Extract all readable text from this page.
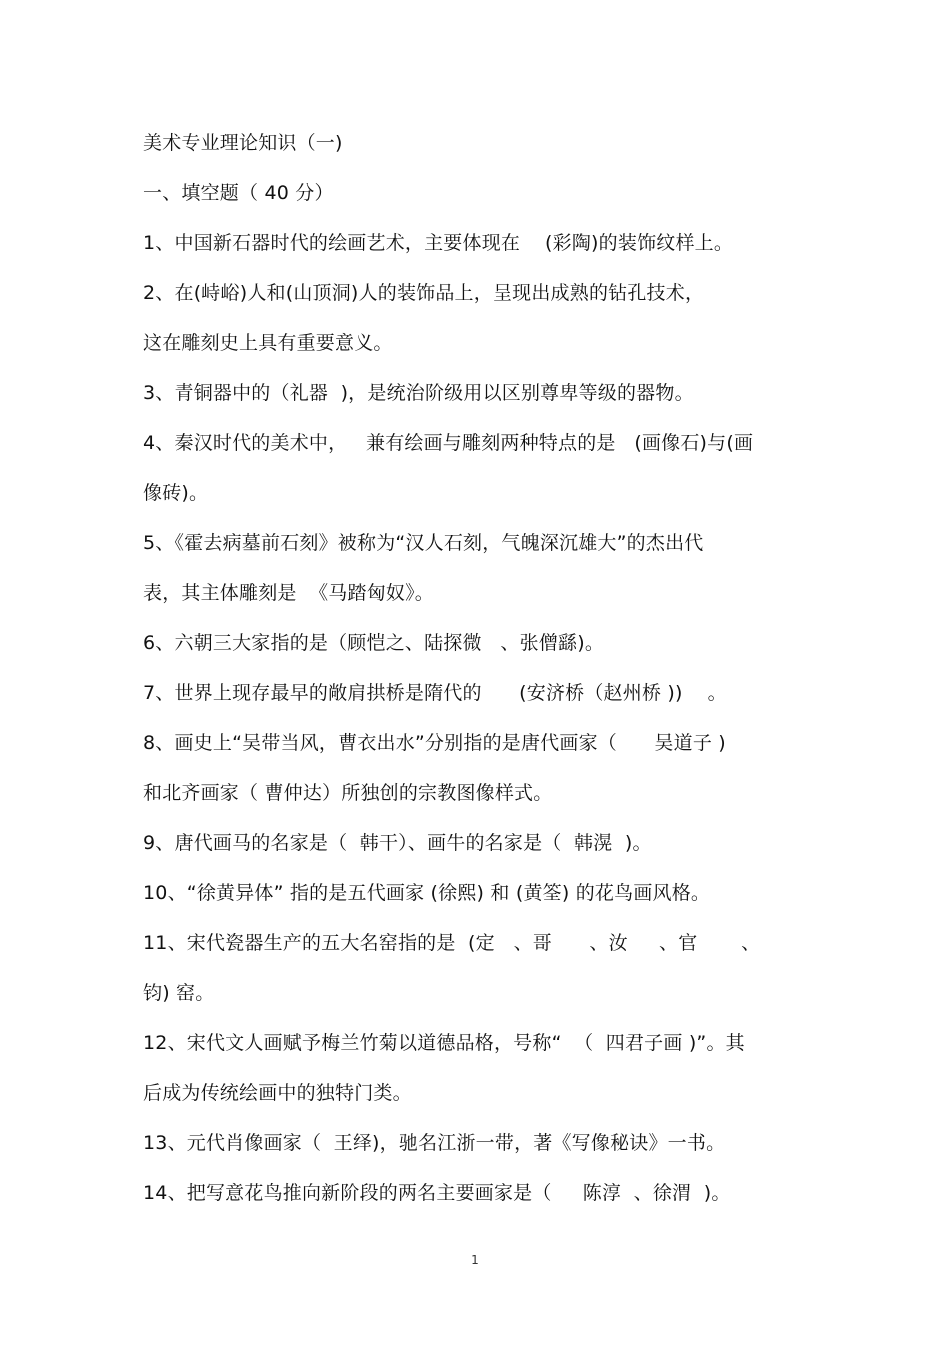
美术专业理论知识（一)
一、填空题（ 40 分）
1、中国新石器时代的绘画艺术，主要体现在    (彩陶)的装饰纹样上。
2、在(峙峪)人和(山顶洞)人的装饰品上，呈现出成熟的钻孔技术，
这在雕刻史上具有重要意义。
3、青铜器中的（礼器  )，是统治阶级用以区别尊卑等级的器物。
4、秦汉时代的美术中，   兼有绘画与雕刻两种特点的是   (画像石)与(画
像砖)。
5、《霍去病墓前石刻》被称为“汉人石刻，气魄深沉雄大”的杰出代
表，其主体雕刻是  《马踏匈奴》。
6、六朝三大家指的是（顾恺之、陆探微   、张僧繇)。
7、世界上现存最早的敞肩拱桥是隋代的      (安济桥（赵州桥 ))    。
8、画史上“吴带当风，曹衣出水”分别指的是唐代画家（      吴道子 )
和北齐画家（ 曹仲达）所独创的宗教图像样式。
9、唐代画马的名家是（  韩干）、画牛的名家是（  韩滉  )。
10、“徐黄异体” 指的是五代画家 (徐熙) 和 (黄筌) 的花鸟画风格。
11、宋代瓷器生产的五大名窑指的是  (定   、哥      、汝     、官       、
钧) 窑。
12、宋代文人画赋予梅兰竹菊以道德品格，号称“  （  四君子画 )”。其
后成为传统绘画中的独特门类。
13、元代肖像画家（  王绎)，驰名江浙一带，著《写像秘诀》一书。
14、把写意花鸟推向新阶段的两名主要画家是（     陈淳  、徐渭  )。
1
